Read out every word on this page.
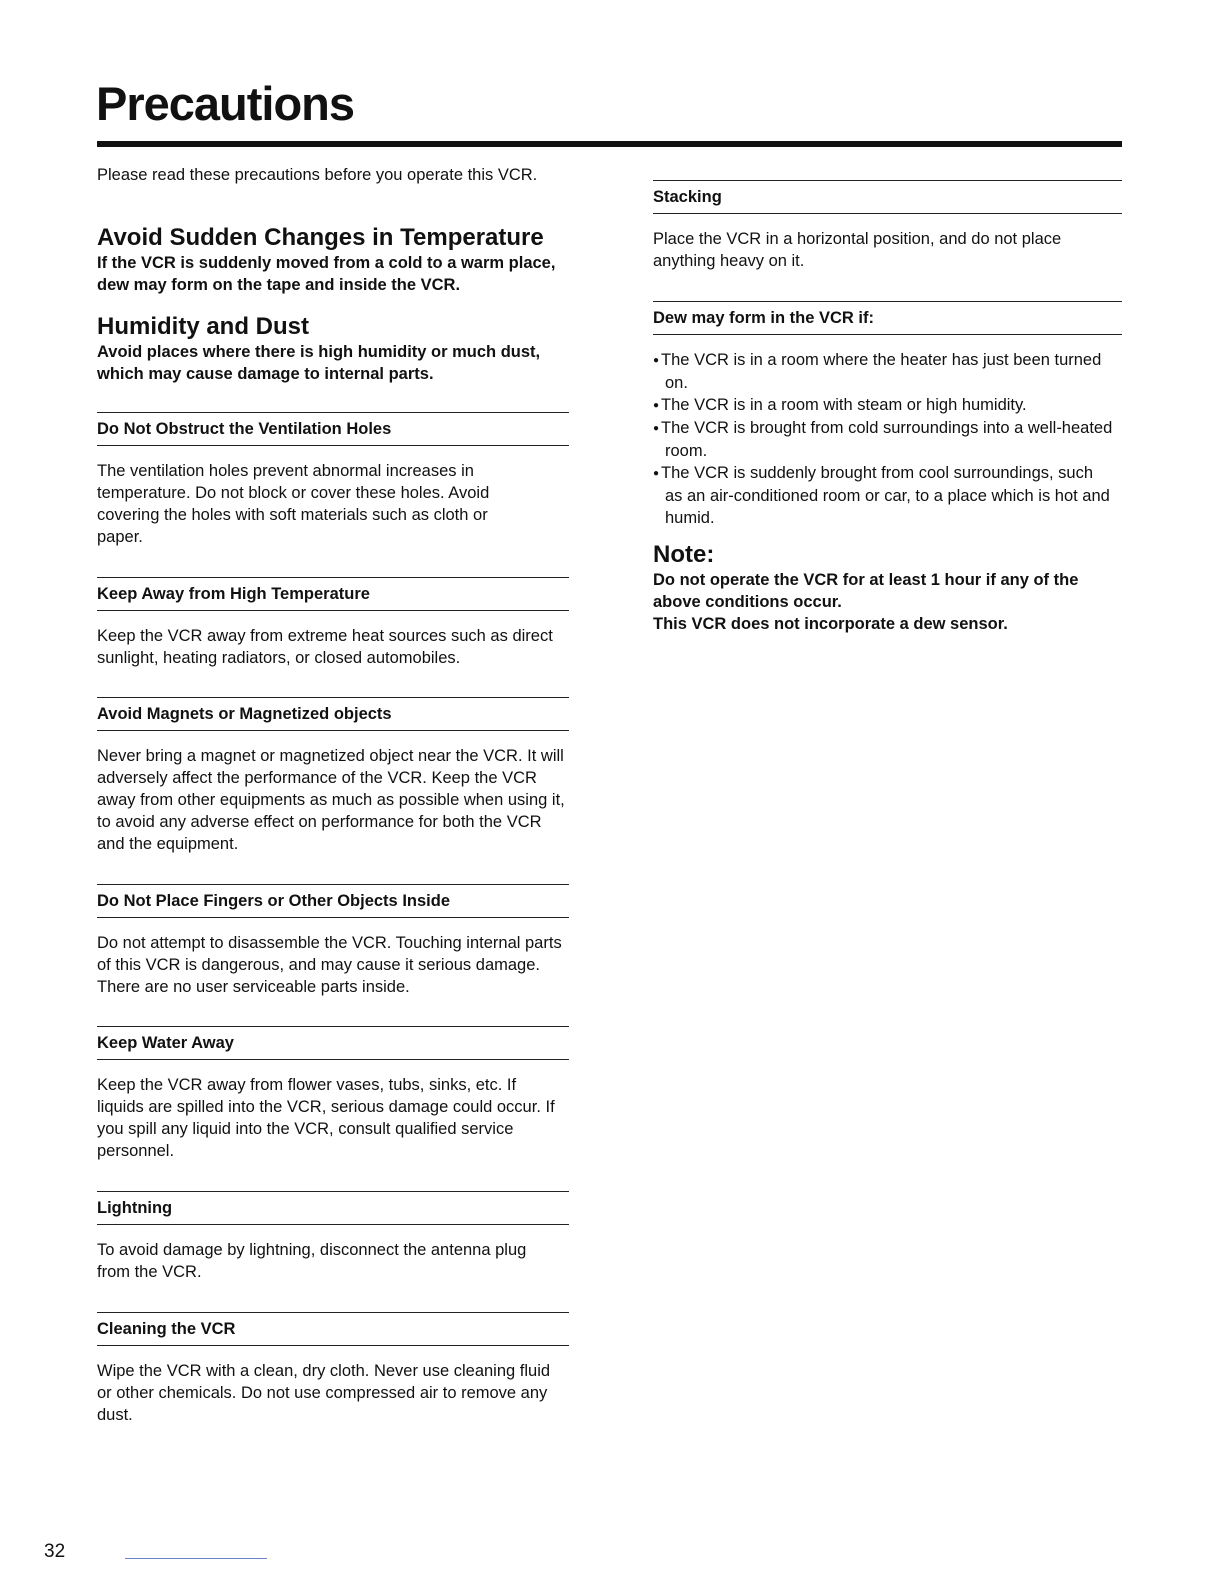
Precautions

Please read these precautions before you operate this VCR.

Avoid Sudden Changes in Temperature

If the VCR is suddenly moved from a cold to a warm place, dew may form on the tape and inside the VCR.

Humidity and Dust

Avoid places where there is high humidity or much dust, which may cause damage to internal parts.

Do Not Obstruct the Ventilation Holes

The ventilation holes prevent abnormal increases in temperature. Do not block or cover these holes. Avoid covering the holes with soft materials such as cloth or paper.

Keep Away from High Temperature

Keep the VCR away from extreme heat sources such as direct sunlight, heating radiators, or closed automobiles.

Avoid Magnets or Magnetized objects

Never bring a magnet or magnetized object near the VCR. It will adversely affect the performance of the VCR. Keep the VCR away from other equipments as much as possible when using it, to avoid any adverse effect on performance for both the VCR and the equipment.

Do Not Place Fingers or Other Objects Inside

Do not attempt to disassemble the VCR. Touching internal parts of this VCR is dangerous, and may cause it serious damage. There are no user serviceable parts inside.

Keep Water Away

Keep the VCR away from flower vases, tubs, sinks, etc. If liquids are spilled into the VCR, serious damage could occur. If you spill any liquid into the VCR, consult qualified service personnel.

Lightning

To avoid damage by lightning, disconnect the antenna plug from the VCR.

Cleaning the VCR

Wipe the VCR with a clean, dry cloth. Never use cleaning fluid or other chemicals. Do not use compressed air to remove any dust.

Stacking

Place the VCR in a horizontal position, and do not place anything heavy on it.

Dew may form in the VCR if:
● The VCR is in a room where the heater has just been turned on.
● The VCR is in a room with steam or high humidity.
● The VCR is brought from cold surroundings into a well-heated room.
● The VCR is suddenly brought from cool surroundings, such as an air-conditioned room or car, to a place which is hot and humid.

Note:

Do not operate the VCR for at least 1 hour if any of the above conditions occur.

This VCR does not incorporate a dew sensor.

32
